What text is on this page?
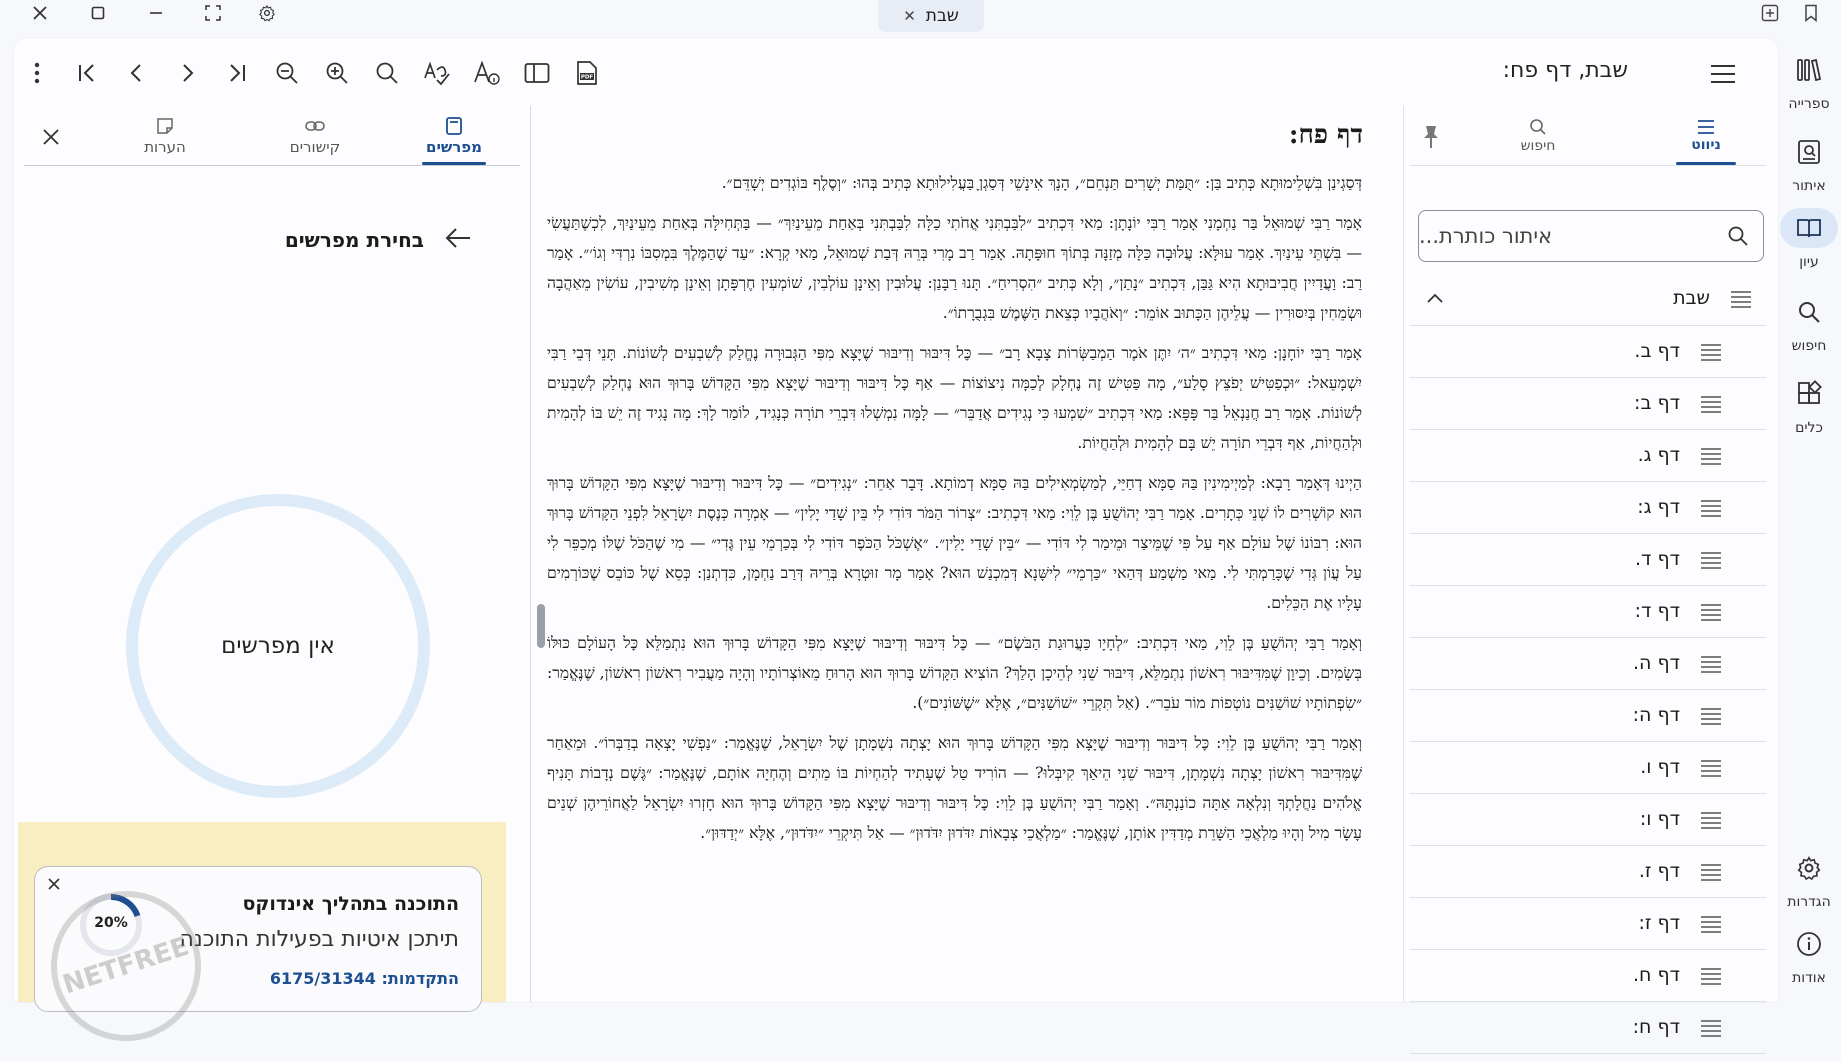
✕ שבת
ספרייה
איתור
עיון
חיפוש
כלים
הגדרות
אודות
PDF	שבת, דף פח:
הערות	קישורים	מפרשים
בחירת מפרשים
אין מפרשים
התוכנה בתהליך אינדוקס
תיתכן איטיות בפעילות התוכנה
התקדמות: 6175/31344
20%
NETFREE
דף פח:

דְּסַגְינַן בִּשְׁלֵימוּתָא כְּתִיב בַּן: ״תֻּמַּת יְשָׁרִים תַּנְחֵם״, הָנָךְ אִינָשֵׁי דְּסַגְןָ בַּעֲלִילוּתָא כְּתִיב בְּהוּ: ״וְסֶלֶף בּוֹגְדִים יְשָׁדֵּם״.

אָמַר רַבִּי שְׁמוּאֵל בַּר נַחְמָנִי אָמַר רַבִּי יוֹנָתָן: מַאי דִּכְתִיב ״לִבַּבְתִּנִי אֲחֹתִי כַלָּה לִבַּבְתִּנִי בְּאַחַת מֵעֵינַיִךְ״ — בַּתְּחִילָּה בְּאַחַת מֵעֵינַיִךְ, לִכְשֶׁתַּעֲשִׂי — בִּשְׁתֵּי עֵינַיִךְ. אָמַר עוּלָּא: עֲלוּבָה כַּלָּה מְזַנָּה בְּתוֹךְ חוּפָּתָהּ. אָמַר רַב מָרִי בְּרֵהּ דְּבַת שְׁמוּאֵל, מַאי קְרָא: ״עַד שֶׁהַמֶּלֶךְ בִּמְסִבּוֹ נִרְדִּי וְגוֹ׳״. אָמַר רַב: וַעֲדַיִין חֲבִיבוּתָא הִיא גַּבַּן, דִּכְתִיב ״נָתַן״, וְלָא כְּתִיב ״הִסְרִיחַ״. תָּנוּ רַבָּנַן: עֲלוּבִין וְאֵינָן עוֹלְבִין, שׁוֹמְעִין חֶרְפָּתָן וְאֵינָן מְשִׁיבִין, עוֹשִׂין מֵאַהֲבָה וּשְׂמֵחִין בְּיִסּוּרִין — עֲלֵיהֶן הַכָּתוּב אוֹמֵר: ״וְאֹהֲבָיו כְּצֵאת הַשֶּׁמֶשׁ בִּגְבֻרָתוֹ״.

אָמַר רַבִּי יוֹחָנָן: מַאי דִּכְתִיב ״ה׳ יִתֶּן אֹמֶר הַמְבַשְּׂרוֹת צָבָא רָב״ — כׇּל דִּיבּוּר וְדִיבּוּר שֶׁיָּצָא מִפִּי הַגְּבוּרָה נֶחֱלַק לְשִׁבְעִים לְשׁוֹנוֹת. תָּנֵי דְּבֵי רַבִּי יִשְׁמָעֵאל: ״וּכְפַטִּישׁ יְפֹצֵץ סָלַע״, מָה פַּטִּישׁ זֶה נֶחְלָק לְכַמָּה נִיצוֹצוֹת — אַף כׇּל דִּיבּוּר וְדִיבּוּר שֶׁיָּצָא מִפִּי הַקָּדוֹשׁ בָּרוּךְ הוּא נֶחְלַק לְשִׁבְעִים לְשׁוֹנוֹת. אָמַר רַב חֲנַנְאֵל בַּר פָּפָּא: מַאי דִּכְתִיב ״שִׁמְעוּ כִּי נְגִידִים אֲדַבֵּר״ — לָמָּה נִמְשְׁלוּ דִּבְרֵי תוֹרָה כְּנָגִיד, לוֹמַר לָךְ: מָה נָגִיד זֶה יֵשׁ בּוֹ לְהָמִית וּלְהַחֲיוֹת, אַף דִּבְרֵי תוֹרָה יֵשׁ בָּם לְהָמִית וּלְהַחֲיוֹת.

הַיְינוּ דְּאָמַר רָבָא: לְמַיְימִינִין בַּהּ סַמָּא דְחַיֵּי, לְמַשְׂמְאִילִים בַּהּ סַמָּא דְמוֹתָא. דָּבָר אַחֵר: ״נְגִידִים״ — כׇּל דִּיבּוּר וְדִיבּוּר שֶׁיָּצָא מִפִּי הַקָּדוֹשׁ בָּרוּךְ הוּא קוֹשְׁרִים לוֹ שְׁנֵי כְּתָרִים. אָמַר רַבִּי יְהוֹשֻׁעַ בֶּן לֵוִי: מַאי דִּכְתִיב: ״צְרוֹר הַמֹּר דּוֹדִי לִי בֵּין שָׁדַי יָלִין״ — אָמְרָה כְּנֶסֶת יִשְׂרָאֵל לִפְנֵי הַקָּדוֹשׁ בָּרוּךְ הוּא: רִבּוֹנוֹ שֶׁל עוֹלָם אַף עַל פִּי שֶׁמֵּיצַר וּמֵימַר לִי דּוֹדִי — ״בֵּין שָׁדַי יָלִין״. ״אֶשְׁכֹּל הַכֹּפֶר דּוֹדִי לִי בְּכַרְמֵי עֵין גֶּדִי״ — מִי שֶׁהַכֹּל שֶׁלּוֹ מְכַפֵּר לִי עַל עֲוֹן גְּדִי שֶׁכָּרַמְתִּי לִי. מַאי מַשְׁמַע דְּהַאי ״כַּרְמֵי״ לִישָּׁנָא דְּמִכְנַשׁ הוּא? אָמַר מָר זוּטְרָא בְּרֵיהּ דְּרַב נַחְמָן, כִּדְתְנַן: כְּסֵא שֶׁל כּוֹבֵס שֶׁכּוֹרְמִים עָלָיו אֶת הַכֵּלִים.

וְאָמַר רַבִּי יְהוֹשֻׁעַ בֶּן לֵוִי, מַאי דִּכְתִיב: ״לְחָיָו כַּעֲרוּגַת הַבֹּשֶׂם״ — כׇּל דִּיבּוּר וְדִיבּוּר שֶׁיָּצָא מִפִּי הַקָּדוֹשׁ בָּרוּךְ הוּא נִתְמַלֵּא כׇּל הָעוֹלָם כּוּלּוֹ בְּשָׂמִים. וְכֵיוָן שֶׁמִּדִּיבּוּר רִאשׁוֹן נִתְמַלֵּא, דִּיבּוּר שֵׁנִי לְהֵיכָן הָלַךְ? הוֹצִיא הַקָּדוֹשׁ בָּרוּךְ הוּא הָרוּחַ מֵאוֹצְרוֹתָיו וְהָיָה מַעֲבִיר רִאשׁוֹן רִאשׁוֹן, שֶׁנֶּאֱמַר: ״שִׂפְתוֹתָיו שׁוֹשַׁנִּים נוֹטְפוֹת מוֹר עֹבֵר״. (אַל תִּקְרֵי ״שׁוֹשַׁנִּים״, אֶלָּא ״שֶׁשּׁוֹנִים״).

וְאָמַר רַבִּי יְהוֹשֻׁעַ בֶּן לֵוִי: כׇּל דִּיבּוּר וְדִיבּוּר שֶׁיָּצָא מִפִּי הַקָּדוֹשׁ בָּרוּךְ הוּא יָצְתָה נִשְׁמָתָן שֶׁל יִשְׂרָאֵל, שֶׁנֶּאֱמַר: ״נַפְשִׁי יָצְאָה בְדַבְּרוֹ״. וּמֵאַחַר שֶׁמִּדִּיבּוּר רִאשׁוֹן יָצְתָה נִשְׁמָתָן, דִּיבּוּר שֵׁנִי הֵיאַךְ קִיבְּלוּ? — הוֹרִיד טַל שֶׁעָתִיד לְהַחְיוֹת בּוֹ מֵתִים וְהֶחְיָה אוֹתָם, שֶׁנֶּאֱמַר: ״גֶּשֶׁם נְדָבוֹת תָּנִיף אֱלֹהִים נַחֲלָתְךָ וְנִלְאָה אַתָּה כוֹנַנְתָּהּ״. וְאָמַר רַבִּי יְהוֹשֻׁעַ בֶּן לֵוִי: כׇּל דִּיבּוּר וְדִיבּוּר שֶׁיָּצָא מִפִּי הַקָּדוֹשׁ בָּרוּךְ הוּא חָזְרוּ יִשְׂרָאֵל לַאֲחוֹרֵיהֶן שְׁנֵים עָשָׂר מִיל וְהָיוּ מַלְאֲכֵי הַשָּׁרֵת מְדַדִּין אוֹתָן, שֶׁנֶּאֱמַר: ״מַלְאֲכֵי צְבָאוֹת יִדֹּדוּן יִדֹּדוּן״ — אַל תִּיקְרֵי ״יִדֹּדוּן״, אֶלָּא ״יְדַדּוּן״.

חיפוש	ניווט
איתור כותרת...
שבת
דף ב.
דף ב:
דף ג.
דף ג:
דף ד.
דף ד:
דף ה.
דף ה:
דף ו.
דף ו:
דף ז.
דף ז:
דף ח.
דף ח:
